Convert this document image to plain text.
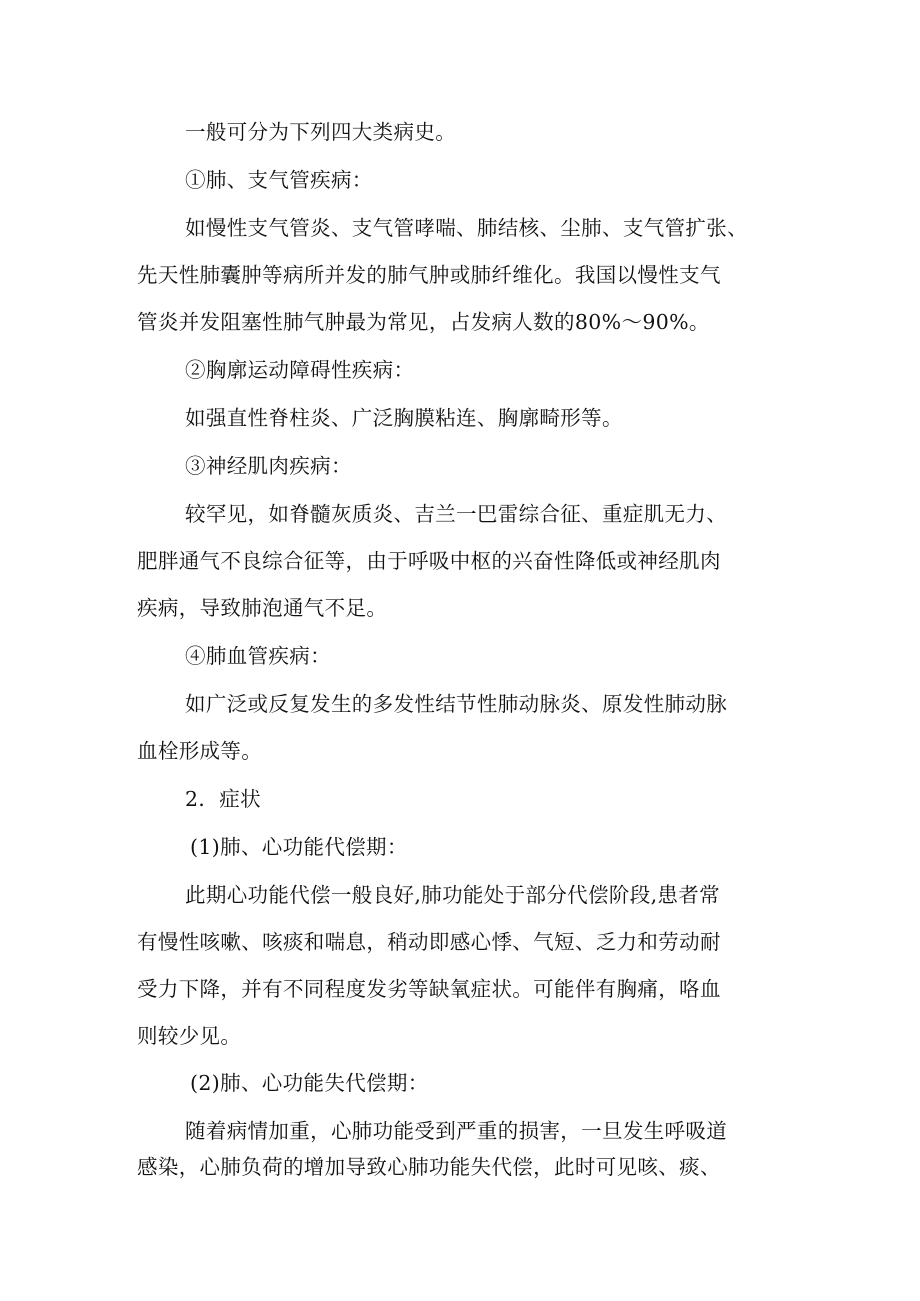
一般可分为下列四大类病史。
①肺、支气管疾病：
如慢性支气管炎、支气管哮喘、肺结核、尘肺、支气管扩张、
先天性肺囊肿等病所并发的肺气肿或肺纤维化。我国以慢性支气
管炎并发阻塞性肺气肿最为常见，占发病人数的80%～90%。
②胸廓运动障碍性疾病：
如强直性脊柱炎、广泛胸膜粘连、胸廓畸形等。
③神经肌肉疾病：
较罕见，如脊髓灰质炎、吉兰一巴雷综合征、重症肌无力、
肥胖通气不良综合征等，由于呼吸中枢的兴奋性降低或神经肌肉
疾病，导致肺泡通气不足。
④肺血管疾病：
如广泛或反复发生的多发性结节性肺动脉炎、原发性肺动脉
血栓形成等。
2．症状
(1)肺、心功能代偿期：
此期心功能代偿一般良好,肺功能处于部分代偿阶段,患者常
有慢性咳嗽、咳痰和喘息，稍动即感心悸、气短、乏力和劳动耐
受力下降，并有不同程度发劣等缺氧症状。可能伴有胸痛，咯血
则较少见。
(2)肺、心功能失代偿期：
随着病情加重，心肺功能受到严重的损害，一旦发生呼吸道
感染，心肺负荷的增加导致心肺功能失代偿，此时可见咳、痰、
